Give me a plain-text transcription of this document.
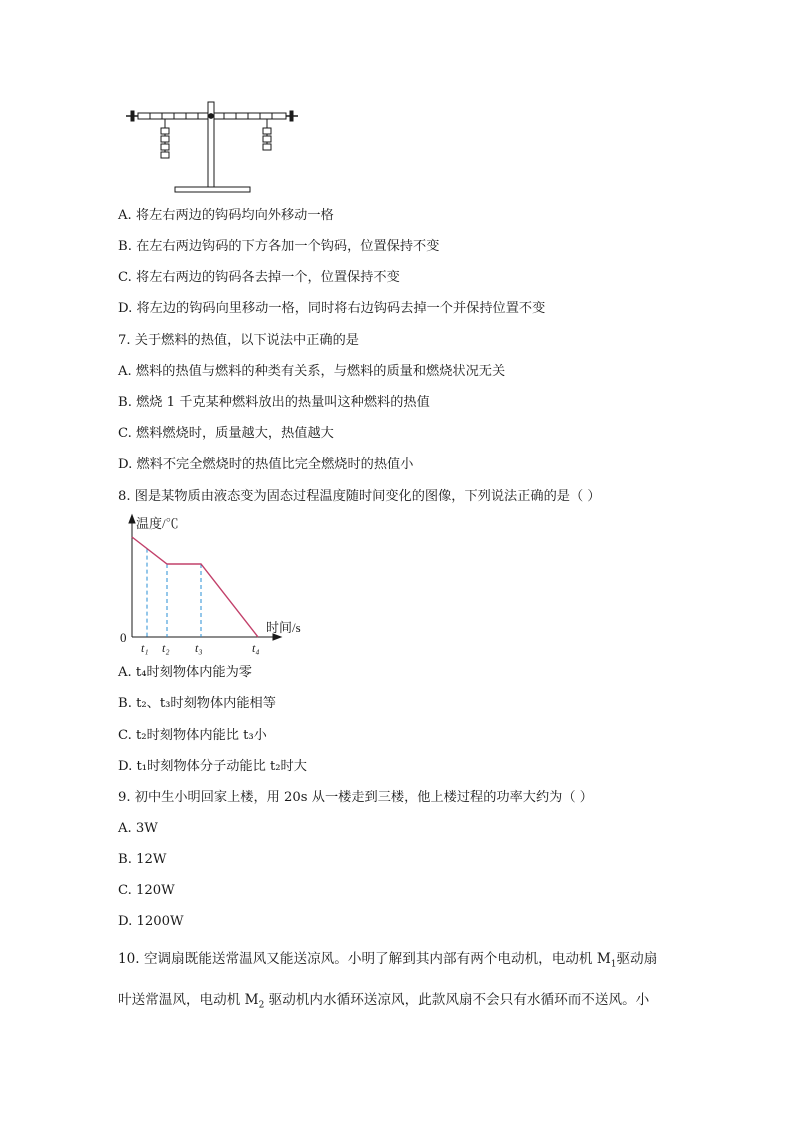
A. 将左右两边的钩码均向外移动一格
B. 在左右两边钩码的下方各加一个钩码，位置保持不变
C. 将左右两边的钩码各去掉一个，位置保持不变
D. 将左边的钩码向里移动一格，同时将右边钩码去掉一个并保持位置不变
7. 关于燃料的热值，以下说法中正确的是
A. 燃料的热值与燃料的种类有关系，与燃料的质量和燃烧状况无关
B. 燃烧 1 千克某种燃料放出的热量叫这种燃料的热值
C. 燃料燃烧时，质量越大，热值越大
D. 燃料不完全燃烧时的热值比完全燃烧时的热值小
8. 图是某物质由液态变为固态过程温度随时间变化的图像，下列说法正确的是（ ）
温度/℃
时间/s
0
t₁ t₂ t₃	t₄
A. t₄时刻物体内能为零
B. t₂、t₃时刻物体内能相等
C. t₂时刻物体内能比 t₃小
D. t₁时刻物体分子动能比 t₂时大
9. 初中生小明回家上楼，用 20s 从一楼走到三楼，他上楼过程的功率大约为（ ）
A. 3W
B. 12W
C. 120W
D. 1200W
10. 空调扇既能送常温风又能送凉风。小明了解到其内部有两个电动机，电动机 $M_1$驱动扇
叶送常温风，电动机 $M_2$ 驱动机内水循环送凉风，此款风扇不会只有水循环而不送风。小
